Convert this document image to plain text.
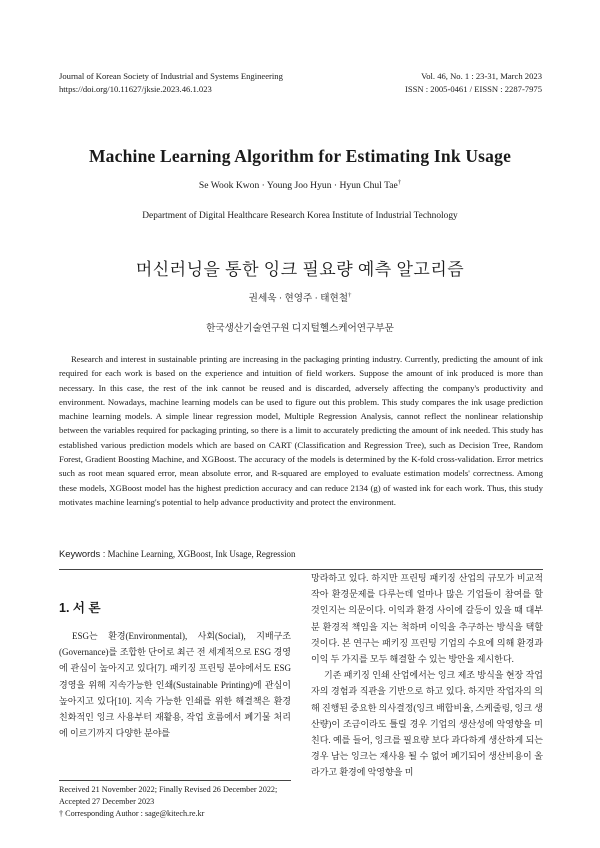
Journal of Korean Society of Industrial and Systems Engineering
https://doi.org/10.11627/jksie.2023.46.1.023
Vol. 46, No. 1 : 23-31, March 2023
ISSN : 2005-0461 / EISSN : 2287-7975
Machine Learning Algorithm for Estimating Ink Usage
Se Wook Kwon · Young Joo Hyun · Hyun Chul Tae†
Department of Digital Healthcare Research Korea Institute of Industrial Technology
머신러닝을 통한 잉크 필요량 예측 알고리즘
권세욱 · 현영주 · 태현철†
한국생산기술연구원 디지털헬스케어연구부문
Research and interest in sustainable printing are increasing in the packaging printing industry. Currently, predicting the amount of ink required for each work is based on the experience and intuition of field workers. Suppose the amount of ink produced is more than necessary. In this case, the rest of the ink cannot be reused and is discarded, adversely affecting the company's productivity and environment. Nowadays, machine learning models can be used to figure out this problem. This study compares the ink usage prediction machine learning models. A simple linear regression model, Multiple Regression Analysis, cannot reflect the nonlinear relationship between the variables required for packaging printing, so there is a limit to accurately predicting the amount of ink needed. This study has established various prediction models which are based on CART (Classification and Regression Tree), such as Decision Tree, Random Forest, Gradient Boosting Machine, and XGBoost. The accuracy of the models is determined by the K-fold cross-validation. Error metrics such as root mean squared error, mean absolute error, and R-squared are employed to evaluate estimation models' correctness. Among these models, XGBoost model has the highest prediction accuracy and can reduce 2134 (g) of wasted ink for each work. Thus, this study motivates machine learning's potential to help advance productivity and protect the environment.
Keywords : Machine Learning, XGBoost, Ink Usage, Regression
1. 서 론

ESG는 환경(Environmental), 사회(Social), 지배구조(Governance)를 조합한 단어로 최근 전 세계적으로 ESG 경영에 관심이 높아지고 있다[7]. 패키징 프린팅 분야에서도 ESG 경영을 위해 지속가능한 인쇄(Sustainable Printing)에 관심이 높아지고 있다[10]. 지속 가능한 인쇄를 위한 해결책은 환경 친화적인 잉크 사용부터 재활용, 작업 흐름에서 폐기물 처리에 이르기까지 다양한 분야를

망라하고 있다. 하지만 프린팅 패키징 산업의 규모가 비교적 작아 환경문제를 다루는데 얼마나 많은 기업들이 참여를 할 것인지는 의문이다. 이익과 환경 사이에 갈등이 있을 때 대부분 환경적 책임을 지는 척하며 이익을 추구하는 방식을 택할 것이다. 본 연구는 패키징 프린팅 기업의 수요에 의해 환경과 이익 두 가지를 모두 해결할 수 있는 방안을 제시한다.

기존 패키징 인쇄 산업에서는 잉크 제조 방식을 현장 작업자의 경험과 직관을 기반으로 하고 있다. 하지만 작업자의 의해 진행된 중요한 의사결정(잉크 배합비율, 스케줄링, 잉크 생산량)이 조금이라도 틀릴 경우 기업의 생산성에 악영향을 미친다. 예를 들어, 잉크를 필요량 보다 과다하게 생산하게 되는 경우 남는 잉크는 재사용 될 수 없어 폐기되어 생산비용이 올라가고 환경에 악영향을 미

Received 21 November 2022; Finally Revised 26 December 2022;
Accepted 27 December 2023
† Corresponding Author : sage@kitech.re.kr
